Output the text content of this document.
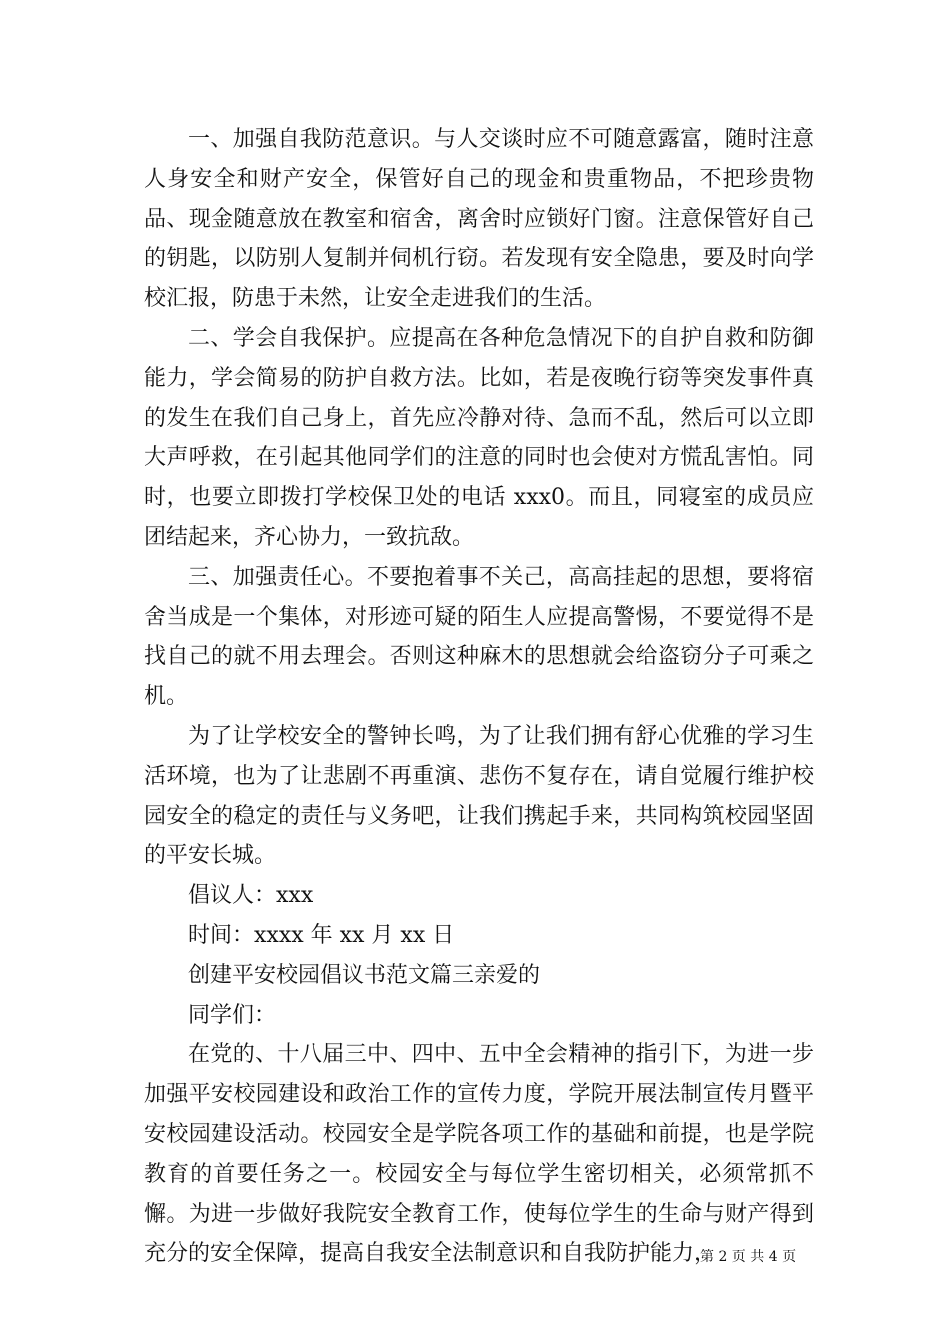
一、加强自我防范意识。与人交谈时应不可随意露富，随时注意人身安全和财产安全，保管好自己的现金和贵重物品，不把珍贵物品、现金随意放在教室和宿舍，离舍时应锁好门窗。注意保管好自己的钥匙，以防别人复制并伺机行窃。若发现有安全隐患，要及时向学校汇报，防患于未然，让安全走进我们的生活。

二、学会自我保护。应提高在各种危急情况下的自护自救和防御能力，学会简易的防护自救方法。比如，若是夜晚行窃等突发事件真的发生在我们自己身上，首先应冷静对待、急而不乱，然后可以立即大声呼救，在引起其他同学们的注意的同时也会使对方慌乱害怕。同时，也要立即拨打学校保卫处的电话 xxx0。而且，同寝室的成员应团结起来，齐心协力，一致抗敌。

三、加强责任心。不要抱着事不关己，高高挂起的思想，要将宿舍当成是一个集体，对形迹可疑的陌生人应提高警惕，不要觉得不是找自己的就不用去理会。否则这种麻木的思想就会给盗窃分子可乘之机。

为了让学校安全的警钟长鸣，为了让我们拥有舒心优雅的学习生活环境，也为了让悲剧不再重演、悲伤不复存在，请自觉履行维护校园安全的稳定的责任与义务吧，让我们携起手来，共同构筑校园坚固的平安长城。

倡议人：xxx

时间：xxxx 年 xx 月 xx 日

创建平安校园倡议书范文篇三亲爱的

同学们：

在党的、十八届三中、四中、五中全会精神的指引下，为进一步加强平安校园建设和政治工作的宣传力度，学院开展法制宣传月暨平安校园建设活动。校园安全是学院各项工作的基础和前提，也是学院教育的首要任务之一。校园安全与每位学生密切相关，必须常抓不懈。为进一步做好我院安全教育工作，使每位学生的生命与财产得到充分的安全保障，提高自我安全法制意识和自我防护能力，

第 2 页 共 4 页
